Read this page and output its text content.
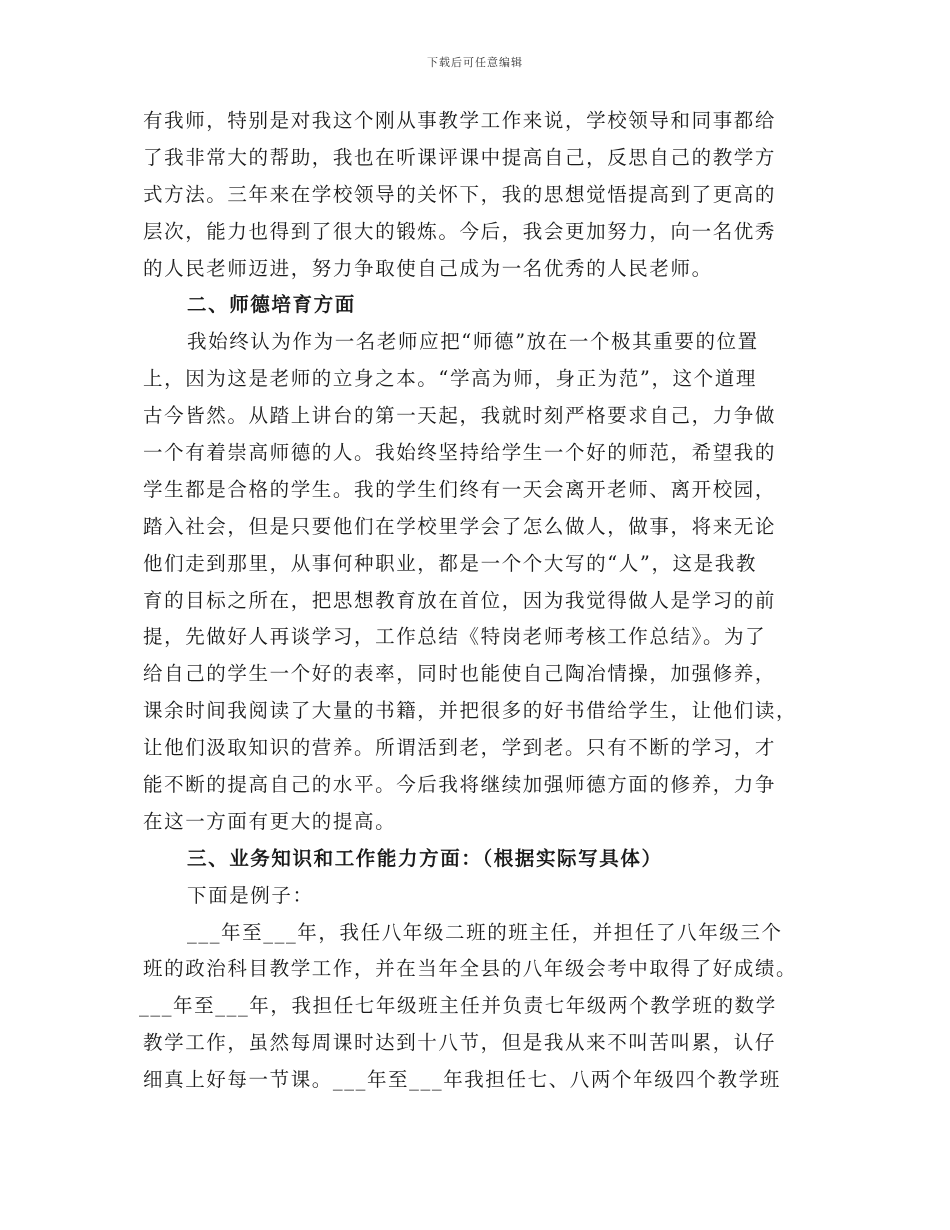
下载后可任意编辑
有我师，特别是对我这个刚从事教学工作来说，学校领导和同事都给
了我非常大的帮助，我也在听课评课中提高自己，反思自己的教学方
式方法。三年来在学校领导的关怀下，我的思想觉悟提高到了更高的
层次，能力也得到了很大的锻炼。今后，我会更加努力，向一名优秀
的人民老师迈进，努力争取使自己成为一名优秀的人民老师。
二、师德培育方面
我始终认为作为一名老师应把“师德”放在一个极其重要的位置
上，因为这是老师的立身之本。“学高为师，身正为范”，这个道理
古今皆然。从踏上讲台的第一天起，我就时刻严格要求自己，力争做
一个有着崇高师德的人。我始终坚持给学生一个好的师范，希望我的
学生都是合格的学生。我的学生们终有一天会离开老师、离开校园，
踏入社会，但是只要他们在学校里学会了怎么做人，做事，将来无论
他们走到那里，从事何种职业，都是一个个大写的“人”，这是我教
育的目标之所在，把思想教育放在首位，因为我觉得做人是学习的前
提，先做好人再谈学习，工作总结《特岗老师考核工作总结》。为了
给自己的学生一个好的表率，同时也能使自己陶冶情操，加强修养，
课余时间我阅读了大量的书籍，并把很多的好书借给学生，让他们读，
让他们汲取知识的营养。所谓活到老，学到老。只有不断的学习，才
能不断的提高自己的水平。今后我将继续加强师德方面的修养，力争
在这一方面有更大的提高。
三、业务知识和工作能力方面：（根据实际写具体）
下面是例子：
___年至___年，我任八年级二班的班主任，并担任了八年级三个
班的政治科目教学工作，并在当年全县的八年级会考中取得了好成绩。
___年至___年，我担任七年级班主任并负责七年级两个教学班的数学
教学工作，虽然每周课时达到十八节，但是我从来不叫苦叫累，认仔
细真上好每一节课。___年至___年我担任七、八两个年级四个教学班
